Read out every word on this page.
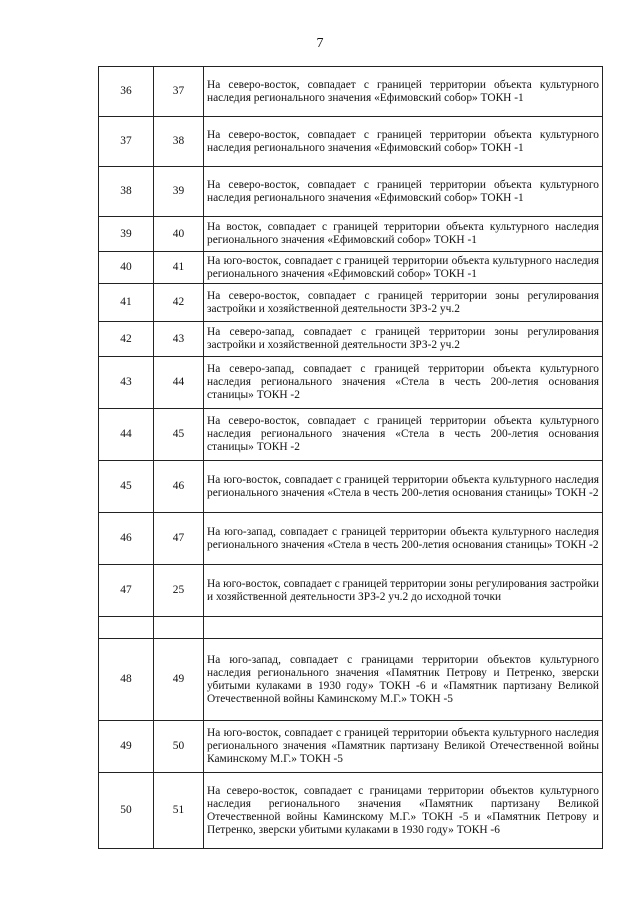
7
36	37	На северо-восток, совпадает с границей территории объекта культурного наследия регионального значения «Ефимовский собор» ТОКН -1
37	38	На северо-восток, совпадает с границей территории объекта культурного наследия регионального значения «Ефимовский собор» ТОКН -1
38	39	На северо-восток, совпадает с границей территории объекта культурного наследия регионального значения «Ефимовский собор» ТОКН -1
39	40	На восток, совпадает с границей территории объекта культурного наследия регионального значения «Ефимовский собор» ТОКН -1
40	41	На юго-восток, совпадает с границей территории объекта культурного наследия регионального значения «Ефимовский собор» ТОКН -1
41	42	На северо-восток, совпадает с границей территории зоны регулирования застройки и хозяйственной деятельности ЗРЗ-2 уч.2
42	43	На северо-запад, совпадает с границей территории зоны регулирования застройки и хозяйственной деятельности ЗРЗ-2 уч.2
43	44	На северо-запад, совпадает с границей территории объекта культурного наследия регионального значения «Стела в честь 200-летия основания станицы» ТОКН -2
44	45	На северо-восток, совпадает с границей территории объекта культурного наследия регионального значения «Стела в честь 200-летия основания станицы» ТОКН -2
45	46	На юго-восток, совпадает с границей территории объекта культурного наследия регионального значения «Стела в честь 200-летия основания станицы» ТОКН -2
46	47	На юго-запад, совпадает с границей территории объекта культурного наследия регионального значения «Стела в честь 200-летия основания станицы» ТОКН -2
47	25	На юго-восток, совпадает с границей территории зоны регулирования застройки и хозяйственной деятельности ЗРЗ-2 уч.2 до исходной точки

48	49	На юго-запад, совпадает с границами территории объектов культурного наследия регионального значения «Памятник Петрову и Петренко, зверски убитыми кулаками в 1930 году» ТОКН -6 и «Памятник партизану Великой Отечественной войны Каминскому М.Г.» ТОКН -5
49	50	На юго-восток, совпадает с границей территории объекта культурного наследия регионального значения «Памятник партизану Великой Отечественной войны Каминскому М.Г.» ТОКН -5
50	51	На северо-восток, совпадает с границами территории объектов культурного наследия регионального значения «Памятник партизану Великой Отечественной войны Каминскому М.Г.» ТОКН -5 и «Памятник Петрову и Петренко, зверски убитыми кулаками в 1930 году» ТОКН -6
